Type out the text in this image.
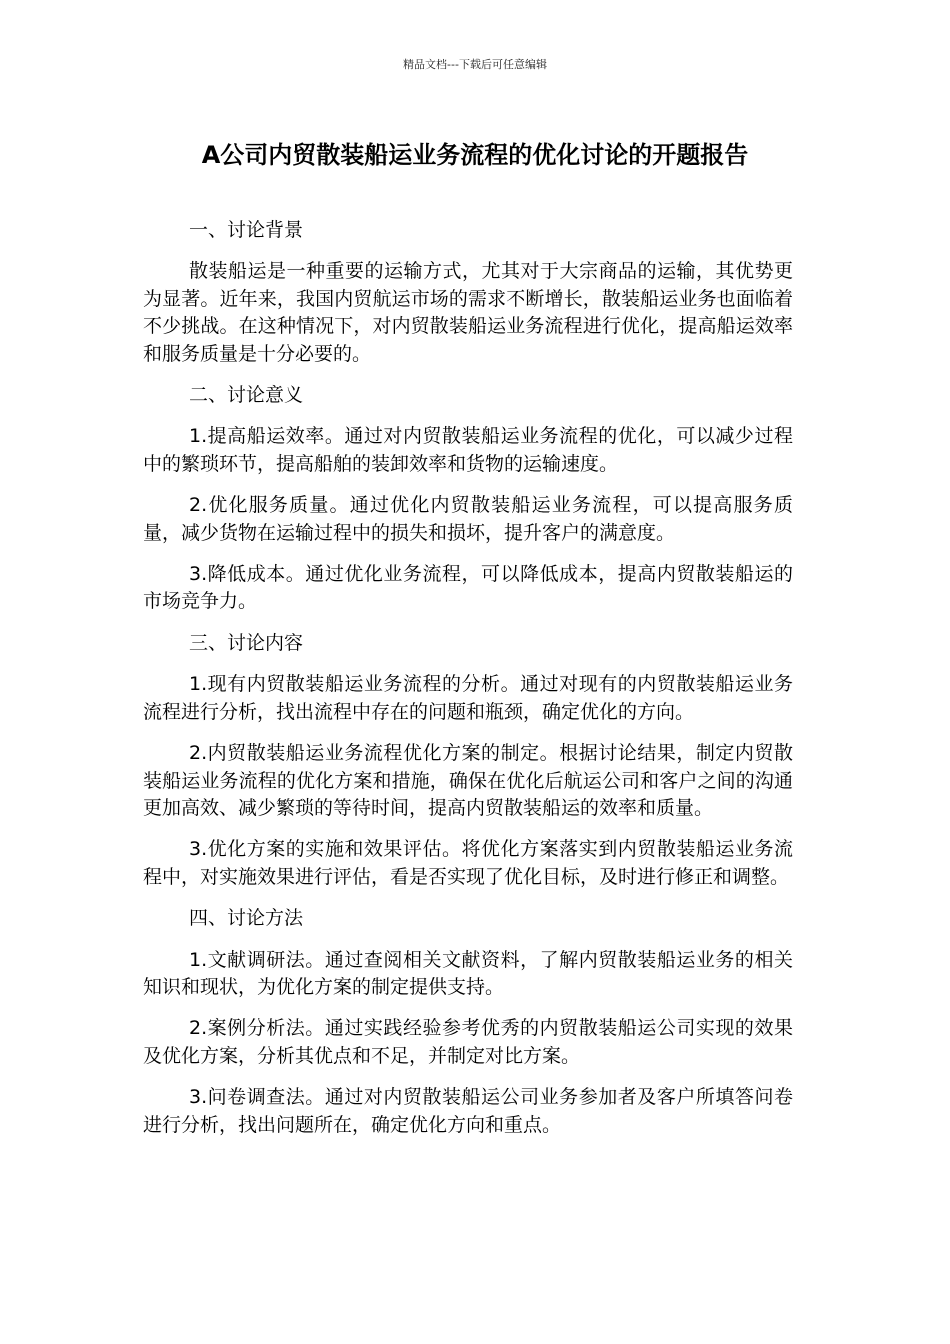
精品文档---下载后可任意编辑
A公司内贸散装船运业务流程的优化讨论的开题报告

一、讨论背景

散装船运是一种重要的运输方式，尤其对于大宗商品的运输，其优势更为显著。近年来，我国内贸航运市场的需求不断增长，散装船运业务也面临着不少挑战。在这种情况下，对内贸散装船运业务流程进行优化，提高船运效率和服务质量是十分必要的。

二、讨论意义

1.提高船运效率。通过对内贸散装船运业务流程的优化，可以减少过程中的繁琐环节，提高船舶的装卸效率和货物的运输速度。

2.优化服务质量。通过优化内贸散装船运业务流程，可以提高服务质量，减少货物在运输过程中的损失和损坏，提升客户的满意度。

3.降低成本。通过优化业务流程，可以降低成本，提高内贸散装船运的市场竞争力。

三、讨论内容

1.现有内贸散装船运业务流程的分析。通过对现有的内贸散装船运业务流程进行分析，找出流程中存在的问题和瓶颈，确定优化的方向。

2.内贸散装船运业务流程优化方案的制定。根据讨论结果，制定内贸散装船运业务流程的优化方案和措施，确保在优化后航运公司和客户之间的沟通更加高效、减少繁琐的等待时间，提高内贸散装船运的效率和质量。

3.优化方案的实施和效果评估。将优化方案落实到内贸散装船运业务流程中，对实施效果进行评估，看是否实现了优化目标，及时进行修正和调整。

四、讨论方法

1.文献调研法。通过查阅相关文献资料，了解内贸散装船运业务的相关知识和现状，为优化方案的制定提供支持。

2.案例分析法。通过实践经验参考优秀的内贸散装船运公司实现的效果及优化方案，分析其优点和不足，并制定对比方案。

3.问卷调查法。通过对内贸散装船运公司业务参加者及客户所填答问卷进行分析，找出问题所在，确定优化方向和重点。
